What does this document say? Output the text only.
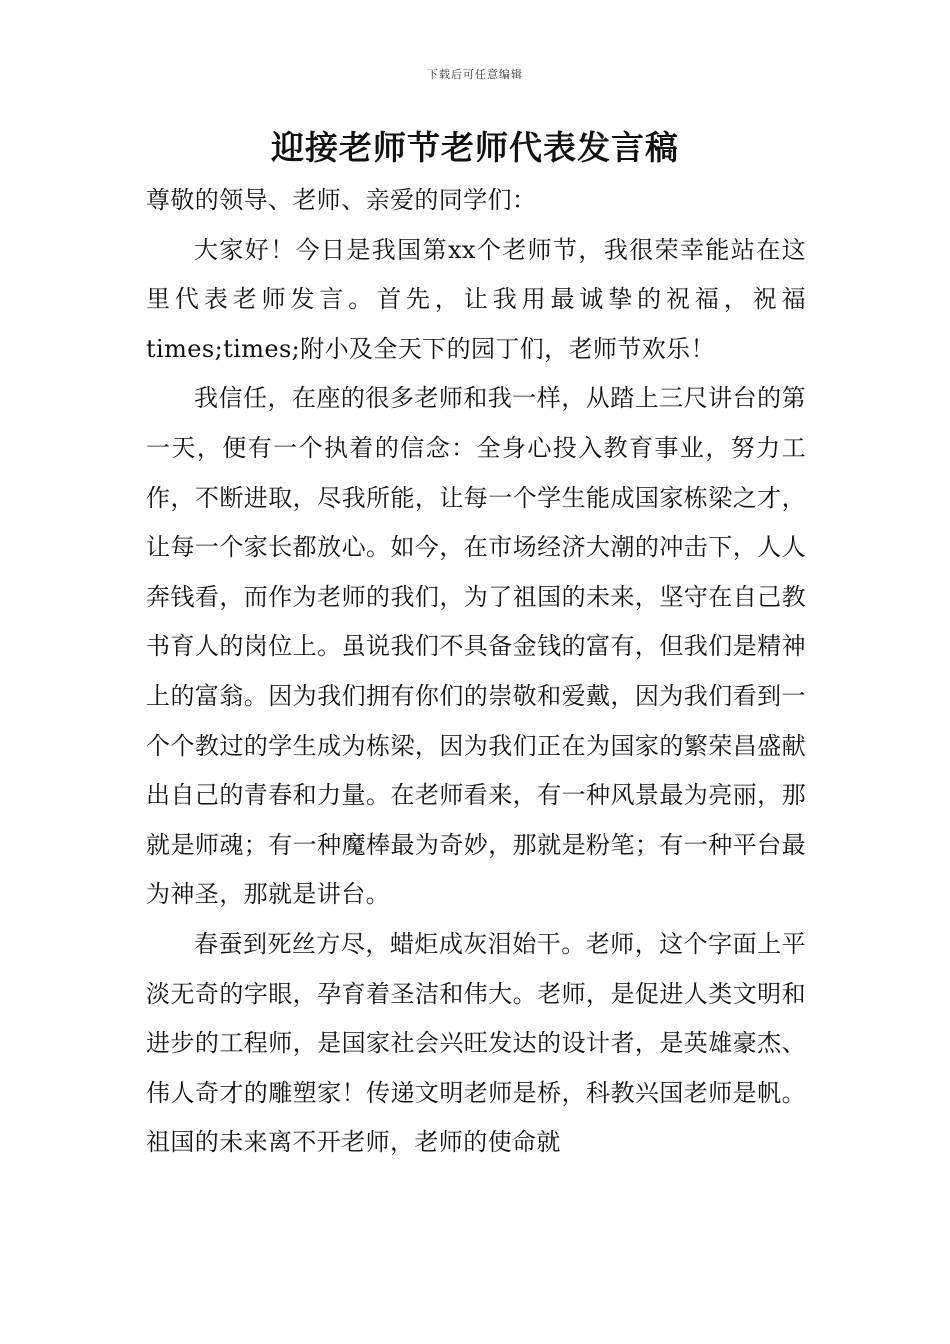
下载后可任意编辑
迎接老师节老师代表发言稿

尊敬的领导、老师、亲爱的同学们：

大家好！今日是我国第xx个老师节，我很荣幸能站在这里代表老师发言。首先，让我用最诚挚的祝福，祝福times;times;附小及全天下的园丁们，老师节欢乐！

我信任，在座的很多老师和我一样，从踏上三尺讲台的第一天，便有一个执着的信念：全身心投入教育事业，努力工作，不断进取，尽我所能，让每一个学生能成国家栋梁之才，让每一个家长都放心。如今，在市场经济大潮的冲击下，人人奔钱看，而作为老师的我们，为了祖国的未来，坚守在自己教书育人的岗位上。虽说我们不具备金钱的富有，但我们是精神上的富翁。因为我们拥有你们的崇敬和爱戴，因为我们看到一个个教过的学生成为栋梁，因为我们正在为国家的繁荣昌盛献出自己的青春和力量。在老师看来，有一种风景最为亮丽，那就是师魂；有一种魔棒最为奇妙，那就是粉笔；有一种平台最为神圣，那就是讲台。

春蚕到死丝方尽，蜡炬成灰泪始干。老师，这个字面上平淡无奇的字眼，孕育着圣洁和伟大。老师，是促进人类文明和进步的工程师，是国家社会兴旺发达的设计者，是英雄豪杰、伟人奇才的雕塑家！传递文明老师是桥，科教兴国老师是帆。祖国的未来离不开老师，老师的使命就
